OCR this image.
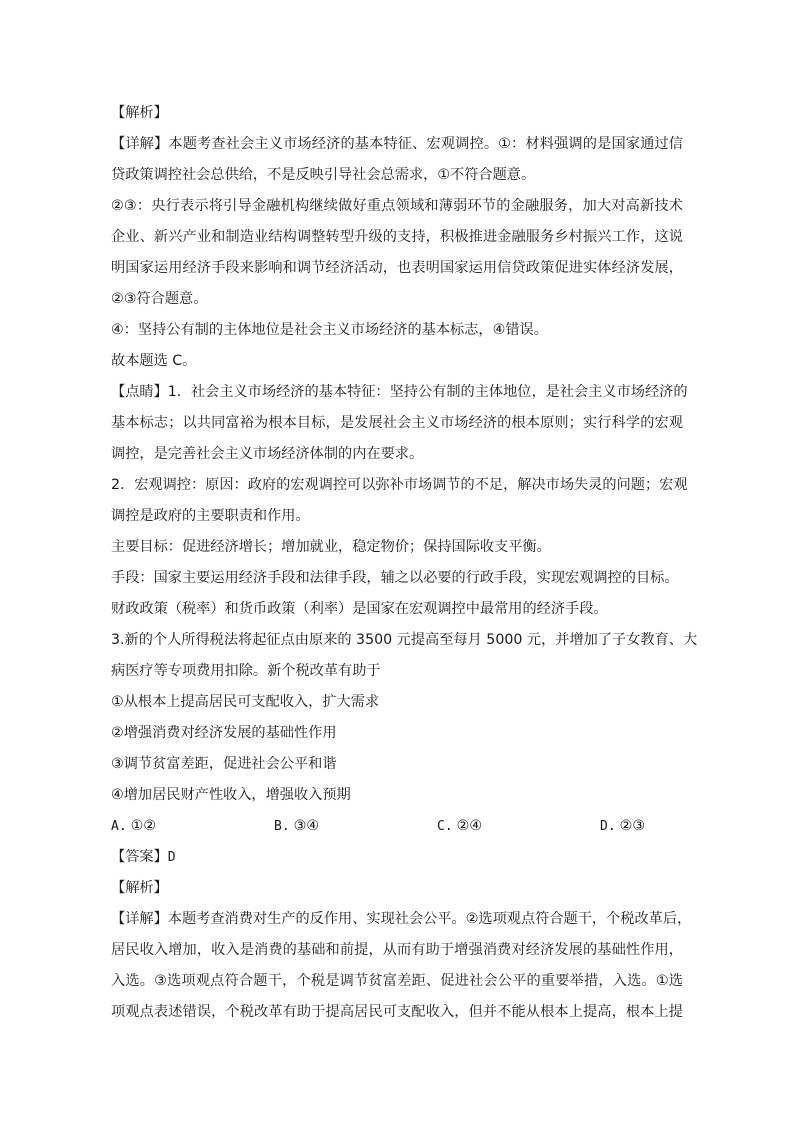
【解析】
【详解】本题考查社会主义市场经济的基本特征、宏观调控。①：材料强调的是国家通过信
贷政策调控社会总供给，不是反映引导社会总需求，①不符合题意。
②③：央行表示将引导金融机构继续做好重点领域和薄弱环节的金融服务，加大对高新技术
企业、新兴产业和制造业结构调整转型升级的支持，积极推进金融服务乡村振兴工作，这说
明国家运用经济手段来影响和调节经济活动，也表明国家运用信贷政策促进实体经济发展，
②③符合题意。
④：坚持公有制的主体地位是社会主义市场经济的基本标志，④错误。
故本题选 C。
【点睛】1．社会主义市场经济的基本特征：坚持公有制的主体地位，是社会主义市场经济的
基本标志；以共同富裕为根本目标，是发展社会主义市场经济的根本原则；实行科学的宏观
调控，是完善社会主义市场经济体制的内在要求。
2．宏观调控：原因：政府的宏观调控可以弥补市场调节的不足，解决市场失灵的问题；宏观
调控是政府的主要职责和作用。
主要目标：促进经济增长；增加就业，稳定物价；保持国际收支平衡。
手段：国家主要运用经济手段和法律手段，辅之以必要的行政手段，实现宏观调控的目标。
财政政策（税率）和货币政策（利率）是国家在宏观调控中最常用的经济手段。
3.新的个人所得税法将起征点由原来的 3500 元提高至每月 5000 元，并增加了子女教育、大
病医疗等专项费用扣除。新个税改革有助于
①从根本上提高居民可支配收入，扩大需求
②增强消费对经济发展的基础性作用
③调节贫富差距，促进社会公平和谐
④增加居民财产性收入，增强收入预期
A. ①②	B. ③④	C. ②④	D. ②③
【答案】D
【解析】
【详解】本题考查消费对生产的反作用、实现社会公平。②选项观点符合题干，个税改革后，
居民收入增加，收入是消费的基础和前提，从而有助于增强消费对经济发展的基础性作用，
入选。③选项观点符合题干，个税是调节贫富差距、促进社会公平的重要举措，入选。①选
项观点表述错误，个税改革有助于提高居民可支配收入，但并不能从根本上提高，根本上提
